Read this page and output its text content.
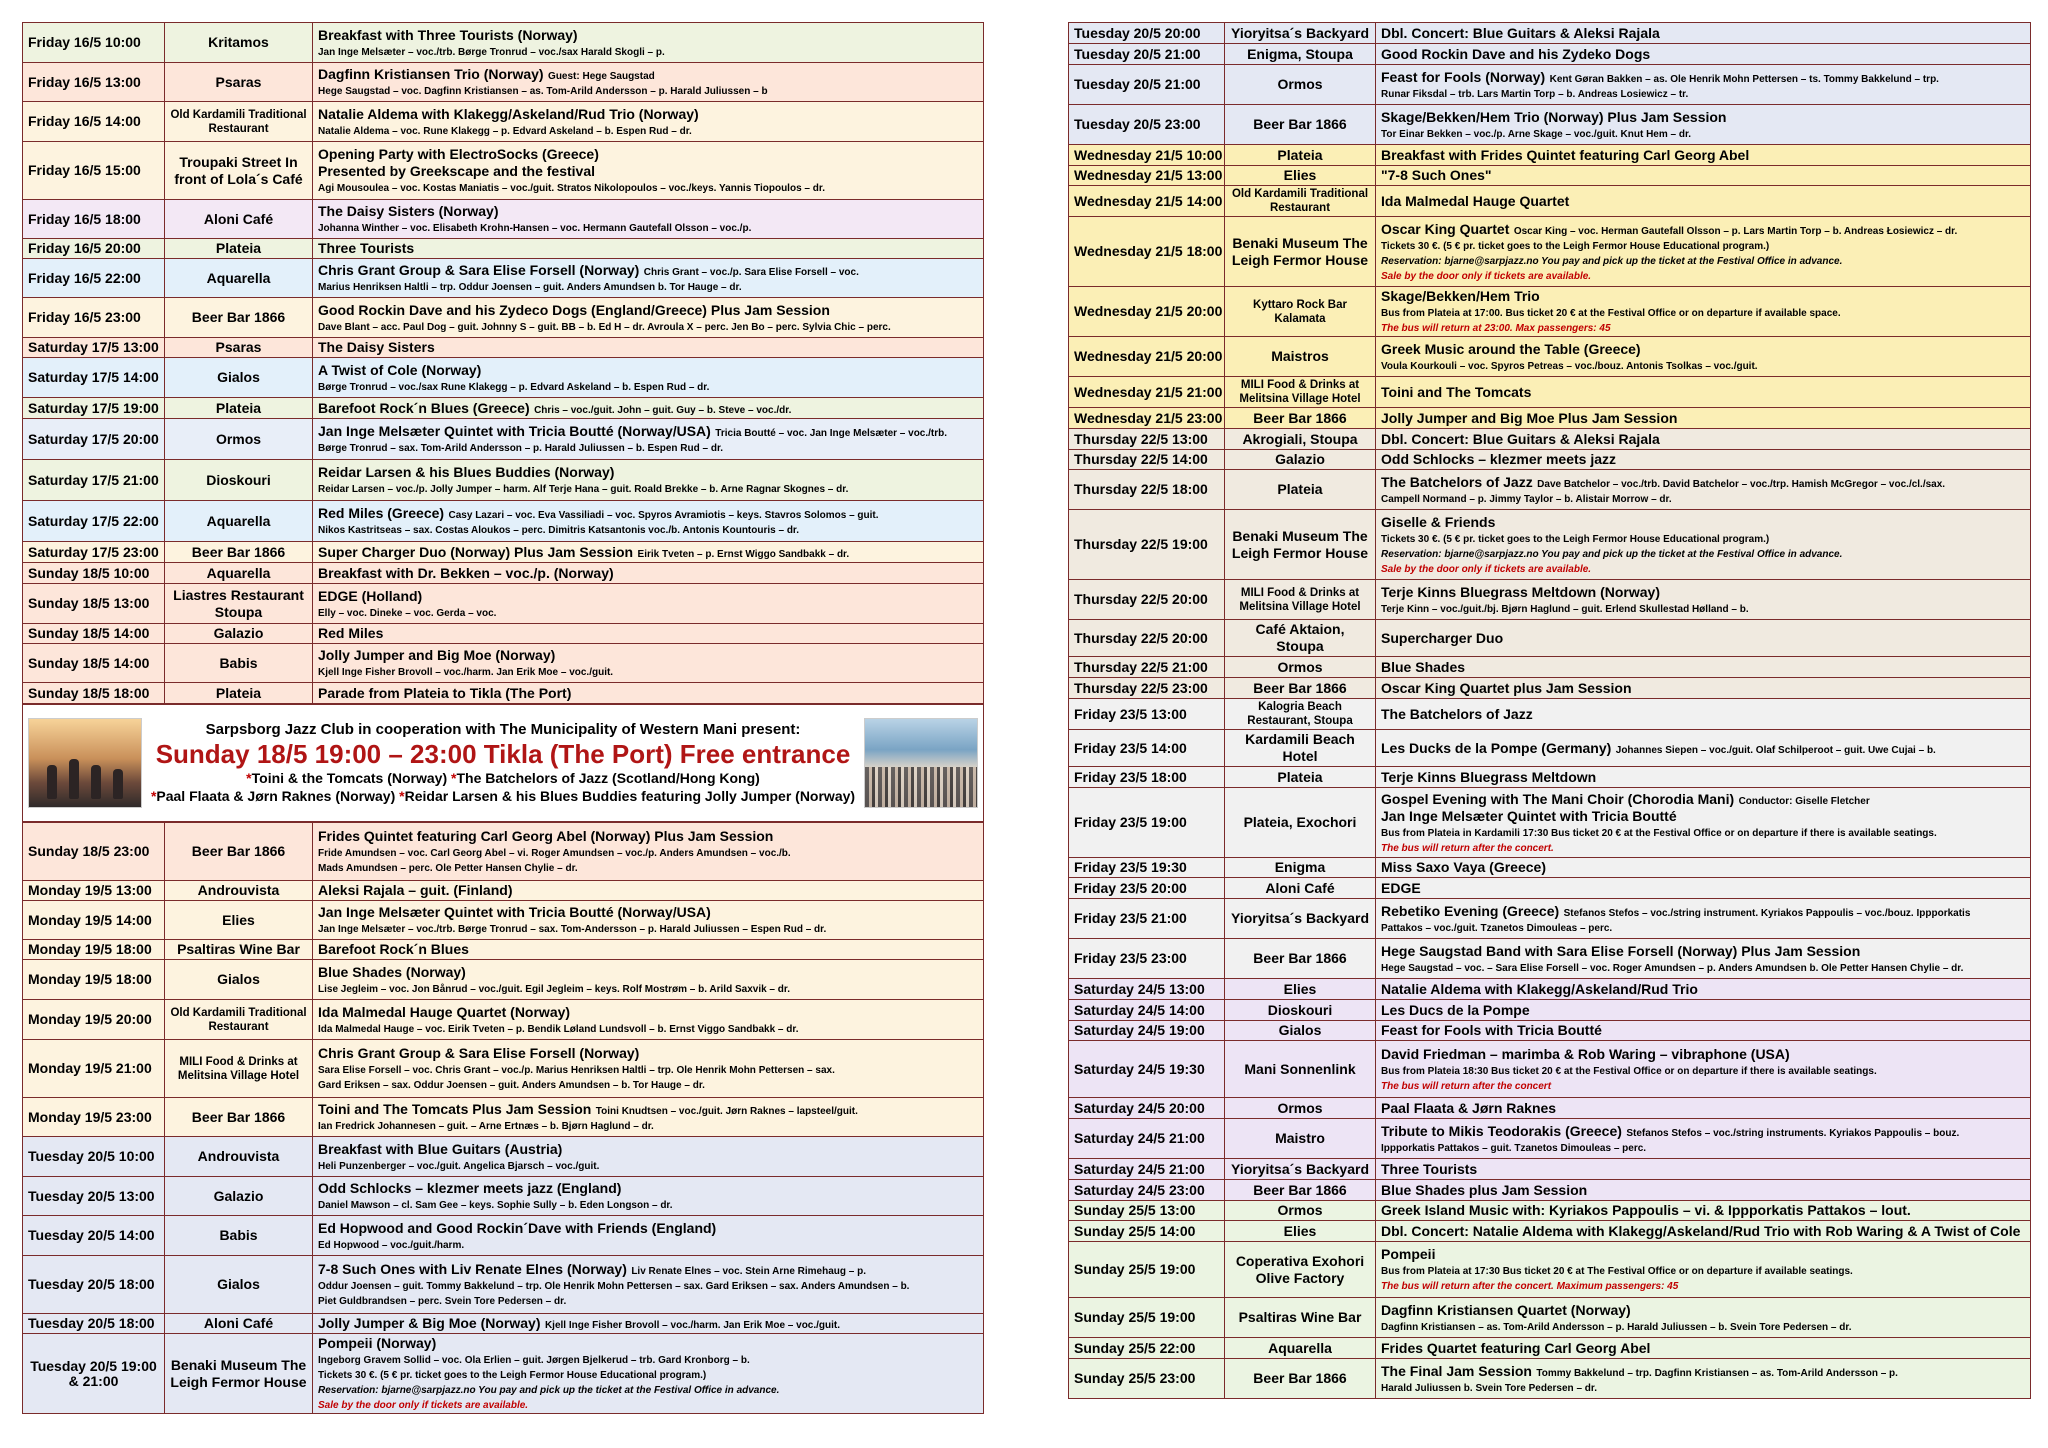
Friday 16/5 10:00	Kritamos	Breakfast with Three Tourists (Norway)
Jan Inge Melsæter – voc./trb. Børge Tronrud – voc./sax Harald Skogli – p.
Friday 16/5 13:00	Psaras	Dagfinn Kristiansen Trio (Norway) Guest: Hege Saugstad
Hege Saugstad – voc. Dagfinn Kristiansen – as. Tom-Arild Andersson – p. Harald Juliussen – b
Friday 16/5 14:00	Old Kardamili Traditional Restaurant	Natalie Aldema with Klakegg/Askeland/Rud Trio (Norway)
Natalie Aldema – voc. Rune Klakegg – p. Edvard Askeland – b. Espen Rud – dr.
Friday 16/5 15:00	Troupaki Street In front of Lola´s Café	Opening Party with ElectroSocks (Greece)
Presented by Greekscape and the festival
Agi Mousoulea – voc. Kostas Maniatis – voc./guit. Stratos Nikolopoulos – voc./keys. Yannis Tiopoulos – dr.
Friday 16/5 18:00	Aloni Café	The Daisy Sisters (Norway)
Johanna Winther – voc. Elisabeth Krohn-Hansen – voc. Hermann Gautefall Olsson – voc./p.
Friday 16/5 20:00	Plateia	Three Tourists
Friday 16/5 22:00	Aquarella	Chris Grant Group & Sara Elise Forsell (Norway) Chris Grant – voc./p. Sara Elise Forsell – voc.
Marius Henriksen Haltli – trp. Oddur Joensen – guit. Anders Amundsen b. Tor Hauge – dr.
Friday 16/5 23:00	Beer Bar 1866	Good Rockin Dave and his Zydeco Dogs (England/Greece) Plus Jam Session
Dave Blant – acc. Paul Dog – guit. Johnny S – guit. BB – b. Ed H – dr. Avroula X – perc. Jen Bo – perc. Sylvia Chic – perc.
Saturday 17/5 13:00	Psaras	The Daisy Sisters
Saturday 17/5 14:00	Gialos	A Twist of Cole (Norway)
Børge Tronrud – voc./sax Rune Klakegg – p. Edvard Askeland – b. Espen Rud – dr.
Saturday 17/5 19:00	Plateia	Barefoot Rock´n Blues (Greece) Chris – voc./guit. John – guit. Guy – b. Steve – voc./dr.
Saturday 17/5 20:00	Ormos	Jan Inge Melsæter Quintet with Tricia Boutté (Norway/USA) Tricia Boutté – voc. Jan Inge Melsæter – voc./trb.
Børge Tronrud – sax. Tom-Arild Andersson – p. Harald Juliussen – b. Espen Rud – dr.
Saturday 17/5 21:00	Dioskouri	Reidar Larsen & his Blues Buddies (Norway)
Reidar Larsen – voc./p. Jolly Jumper – harm. Alf Terje Hana – guit. Roald Brekke – b. Arne Ragnar Skognes – dr.
Saturday 17/5 22:00	Aquarella	Red Miles (Greece) Casy Lazari – voc. Eva Vassiliadi – voc. Spyros Avramiotis – keys. Stavros Solomos – guit.
Nikos Kastritseas – sax. Costas Aloukos – perc. Dimitris Katsantonis voc./b. Antonis Kountouris – dr.
Saturday 17/5 23:00	Beer Bar 1866	Super Charger Duo (Norway) Plus Jam Session Eirik Tveten – p. Ernst Wiggo Sandbakk – dr.
Sunday 18/5 10:00	Aquarella	Breakfast with Dr. Bekken – voc./p. (Norway)
Sunday 18/5 13:00	Liastres Restaurant Stoupa	EDGE (Holland)
Elly – voc. Dineke – voc. Gerda – voc.
Sunday 18/5 14:00	Galazio	Red Miles
Sunday 18/5 14:00	Babis	Jolly Jumper and Big Moe (Norway)
Kjell Inge Fisher Brovoll – voc./harm. Jan Erik Moe – voc./guit.
Sunday 18/5 18:00	Plateia	Parade from Plateia to Tikla (The Port)
Sarpsborg Jazz Club in cooperation with The Municipality of Western Mani present:
Sunday 18/5 19:00 – 23:00 Tikla (The Port) Free entrance
*Toini & the Tomcats (Norway) *The Batchelors of Jazz (Scotland/Hong Kong)
*Paal Flaata & Jørn Raknes (Norway) *Reidar Larsen & his Blues Buddies featuring Jolly Jumper (Norway)
Sunday 18/5 23:00	Beer Bar 1866	Frides Quintet featuring Carl Georg Abel (Norway) Plus Jam Session
Fride Amundsen – voc. Carl Georg Abel – vi. Roger Amundsen – voc./p. Anders Amundsen – voc./b.
Mads Amundsen – perc. Ole Petter Hansen Chylie – dr.
Monday 19/5 13:00	Androuvista	Aleksi Rajala – guit. (Finland)
Monday 19/5 14:00	Elies	Jan Inge Melsæter Quintet with Tricia Boutté (Norway/USA)
Jan Inge Melsæter – voc./trb. Børge Tronrud – sax. Tom-Andersson – p. Harald Juliussen – Espen Rud – dr.
Monday 19/5 18:00	Psaltiras Wine Bar	Barefoot Rock´n Blues
Monday 19/5 18:00	Gialos	Blue Shades (Norway)
Lise Jegleim – voc. Jon Bånrud – voc./guit. Egil Jegleim – keys. Rolf Mostrøm – b. Arild Saxvik – dr.
Monday 19/5 20:00	Old Kardamili Traditional Restaurant	Ida Malmedal Hauge Quartet (Norway)
Ida Malmedal Hauge – voc. Eirik Tveten – p. Bendik Løland Lundsvoll – b. Ernst Viggo Sandbakk – dr.
Monday 19/5 21:00	MILI Food & Drinks at Melitsina Village Hotel	Chris Grant Group & Sara Elise Forsell (Norway)
Sara Elise Forsell – voc. Chris Grant – voc./p. Marius Henriksen Haltli – trp. Ole Henrik Mohn Pettersen – sax.
Gard Eriksen – sax. Oddur Joensen – guit. Anders Amundsen – b. Tor Hauge – dr.
Monday 19/5 23:00	Beer Bar 1866	Toini and The Tomcats Plus Jam Session Toini Knudtsen – voc./guit. Jørn Raknes – lapsteel/guit.
Ian Fredrick Johannesen – guit. – Arne Ertnæs – b. Bjørn Haglund – dr.
Tuesday 20/5 10:00	Androuvista	Breakfast with Blue Guitars (Austria)
Heli Punzenberger – voc./guit. Angelica Bjarsch – voc./guit.
Tuesday 20/5 13:00	Galazio	Odd Schlocks – klezmer meets jazz (England)
Daniel Mawson – cl. Sam Gee – keys. Sophie Sully – b. Eden Longson – dr.
Tuesday 20/5 14:00	Babis	Ed Hopwood and Good Rockin´Dave with Friends (England)
Ed Hopwood – voc./guit./harm.
Tuesday 20/5 18:00	Gialos	7-8 Such Ones with Liv Renate Elnes (Norway) Liv Renate Elnes – voc. Stein Arne Rimehaug – p.
Oddur Joensen – guit. Tommy Bakkelund – trp. Ole Henrik Mohn Pettersen – sax. Gard Eriksen – sax. Anders Amundsen – b.
Piet Guldbrandsen – perc. Svein Tore Pedersen – dr.
Tuesday 20/5 18:00	Aloni Café	Jolly Jumper & Big Moe (Norway) Kjell Inge Fisher Brovoll – voc./harm. Jan Erik Moe – voc./guit.
Tuesday 20/5 19:00 & 21:00	Benaki Museum The Leigh Fermor House	Pompeii (Norway)
Ingeborg Gravem Sollid – voc. Ola Erlien – guit. Jørgen Bjelkerud – trb. Gard Kronborg – b.
Tickets 30 €. (5 € pr. ticket goes to the Leigh Fermor House Educational program.)
Reservation: bjarne@sarpjazz.no You pay and pick up the ticket at the Festival Office in advance.
Sale by the door only if tickets are available.
Tuesday 20/5 20:00	Yioryitsa´s Backyard	Dbl. Concert: Blue Guitars & Aleksi Rajala
Tuesday 20/5 21:00	Enigma, Stoupa	Good Rockin Dave and his Zydeko Dogs
Tuesday 20/5 21:00	Ormos	Feast for Fools (Norway) Kent Gøran Bakken – as. Ole Henrik Mohn Pettersen – ts. Tommy Bakkelund – trp.
Runar Fiksdal – trb. Lars Martin Torp – b. Andreas Losiewicz – tr.
Tuesday 20/5 23:00	Beer Bar 1866	Skage/Bekken/Hem Trio (Norway) Plus Jam Session
Tor Einar Bekken – voc./p. Arne Skage – voc./guit. Knut Hem – dr.
Wednesday 21/5 10:00	Plateia	Breakfast with Frides Quintet featuring Carl Georg Abel
Wednesday 21/5 13:00	Elies	"7-8 Such Ones"
Wednesday 21/5 14:00	Old Kardamili Traditional Restaurant	Ida Malmedal Hauge Quartet
Wednesday 21/5 18:00	Benaki Museum The Leigh Fermor House	Oscar King Quartet Oscar King – voc. Herman Gautefall Olsson – p. Lars Martin Torp – b. Andreas Łosiewicz – dr.
Tickets 30 €. (5 € pr. ticket goes to the Leigh Fermor House Educational program.)
Reservation: bjarne@sarpjazz.no You pay and pick up the ticket at the Festival Office in advance.
Sale by the door only if tickets are available.
Wednesday 21/5 20:00	Kyttaro Rock Bar Kalamata	Skage/Bekken/Hem Trio
Bus from Plateia at 17:00. Bus ticket 20 € at the Festival Office or on departure if available space.
The bus will return at 23:00. Max passengers: 45
Wednesday 21/5 20:00	Maistros	Greek Music around the Table (Greece)
Voula Kourkouli – voc. Spyros Petreas – voc./bouz. Antonis Tsolkas – voc./guit.
Wednesday 21/5 21:00	MILI Food & Drinks at Melitsina Village Hotel	Toini and The Tomcats
Wednesday 21/5 23:00	Beer Bar 1866	Jolly Jumper and Big Moe Plus Jam Session
Thursday 22/5 13:00	Akrogiali, Stoupa	Dbl. Concert: Blue Guitars & Aleksi Rajala
Thursday 22/5 14:00	Galazio	Odd Schlocks – klezmer meets jazz
Thursday 22/5 18:00	Plateia	The Batchelors of Jazz Dave Batchelor – voc./trb. David Batchelor – voc./trp. Hamish McGregor – voc./cl./sax.
Campell Normand – p. Jimmy Taylor – b. Alistair Morrow – dr.
Thursday 22/5 19:00	Benaki Museum The Leigh Fermor House	Giselle & Friends
Tickets 30 €. (5 € pr. ticket goes to the Leigh Fermor House Educational program.)
Reservation: bjarne@sarpjazz.no You pay and pick up the ticket at the Festival Office in advance.
Sale by the door only if tickets are available.
Thursday 22/5 20:00	MILI Food & Drinks at Melitsina Village Hotel	Terje Kinns Bluegrass Meltdown (Norway)
Terje Kinn – voc./guit./bj. Bjørn Haglund – guit. Erlend Skullestad Hølland – b.
Thursday 22/5 20:00	Café Aktaion, Stoupa	Supercharger Duo
Thursday 22/5 21:00	Ormos	Blue Shades
Thursday 22/5 23:00	Beer Bar 1866	Oscar King Quartet plus Jam Session
Friday 23/5 13:00	Kalogria Beach Restaurant, Stoupa	The Batchelors of Jazz
Friday 23/5 14:00	Kardamili Beach Hotel	Les Ducks de la Pompe (Germany) Johannes Siepen – voc./guit. Olaf Schilperoot – guit. Uwe Cujai – b.
Friday 23/5 18:00	Plateia	Terje Kinns Bluegrass Meltdown
Friday 23/5 19:00	Plateia, Exochori	Gospel Evening with The Mani Choir (Chorodia Mani) Conductor: Giselle Fletcher
Jan Inge Melsæter Quintet with Tricia Boutté
Bus from Plateia in Kardamili 17:30 Bus ticket 20 € at the Festival Office or on departure if there is available seatings.
The bus will return after the concert.
Friday 23/5 19:30	Enigma	Miss Saxo Vaya (Greece)
Friday 23/5 20:00	Aloni Café	EDGE
Friday 23/5 21:00	Yioryitsa´s Backyard	Rebetiko Evening (Greece) Stefanos Stefos – voc./string instrument. Kyriakos Pappoulis – voc./bouz. Ippporkatis
Pattakos – voc./guit. Tzanetos Dimouleas – perc.
Friday 23/5 23:00	Beer Bar 1866	Hege Saugstad Band with Sara Elise Forsell (Norway) Plus Jam Session
Hege Saugstad – voc. – Sara Elise Forsell – voc. Roger Amundsen – p. Anders Amundsen b. Ole Petter Hansen Chylie – dr.
Saturday 24/5 13:00	Elies	Natalie Aldema with Klakegg/Askeland/Rud Trio
Saturday 24/5 14:00	Dioskouri	Les Ducs de la Pompe
Saturday 24/5 19:00	Gialos	Feast for Fools with Tricia Boutté
Saturday 24/5 19:30	Mani Sonnenlink	David Friedman – marimba & Rob Waring – vibraphone (USA)
Bus from Plateia 18:30 Bus ticket 20 € at the Festival Office or on departure if there is available seatings.
The bus will return after the concert
Saturday 24/5 20:00	Ormos	Paal Flaata & Jørn Raknes
Saturday 24/5 21:00	Maistro	Tribute to Mikis Teodorakis (Greece) Stefanos Stefos – voc./string instruments. Kyriakos Pappoulis – bouz.
Ippporkatis Pattakos – guit. Tzanetos Dimouleas – perc.
Saturday 24/5 21:00	Yioryitsa´s Backyard	Three Tourists
Saturday 24/5 23:00	Beer Bar 1866	Blue Shades plus Jam Session
Sunday 25/5 13:00	Ormos	Greek Island Music with: Kyriakos Pappoulis – vi. & Ippporkatis Pattakos – lout.
Sunday 25/5 14:00	Elies	Dbl. Concert: Natalie Aldema with Klakegg/Askeland/Rud Trio with Rob Waring & A Twist of Cole
Sunday 25/5 19:00	Coperativa Exohori Olive Factory	Pompeii
Bus from Plateia at 17:30 Bus ticket 20 € at The Festival Office or on departure if available seatings.
The bus will return after the concert. Maximum passengers: 45
Sunday 25/5 19:00	Psaltiras Wine Bar	Dagfinn Kristiansen Quartet (Norway)
Dagfinn Kristiansen – as. Tom-Arild Andersson – p. Harald Juliussen – b. Svein Tore Pedersen – dr.
Sunday 25/5 22:00	Aquarella	Frides Quartet featuring Carl Georg Abel
Sunday 25/5 23:00	Beer Bar 1866	The Final Jam Session Tommy Bakkelund – trp. Dagfinn Kristiansen – as. Tom-Arild Andersson – p.
Harald Juliussen b. Svein Tore Pedersen – dr.
